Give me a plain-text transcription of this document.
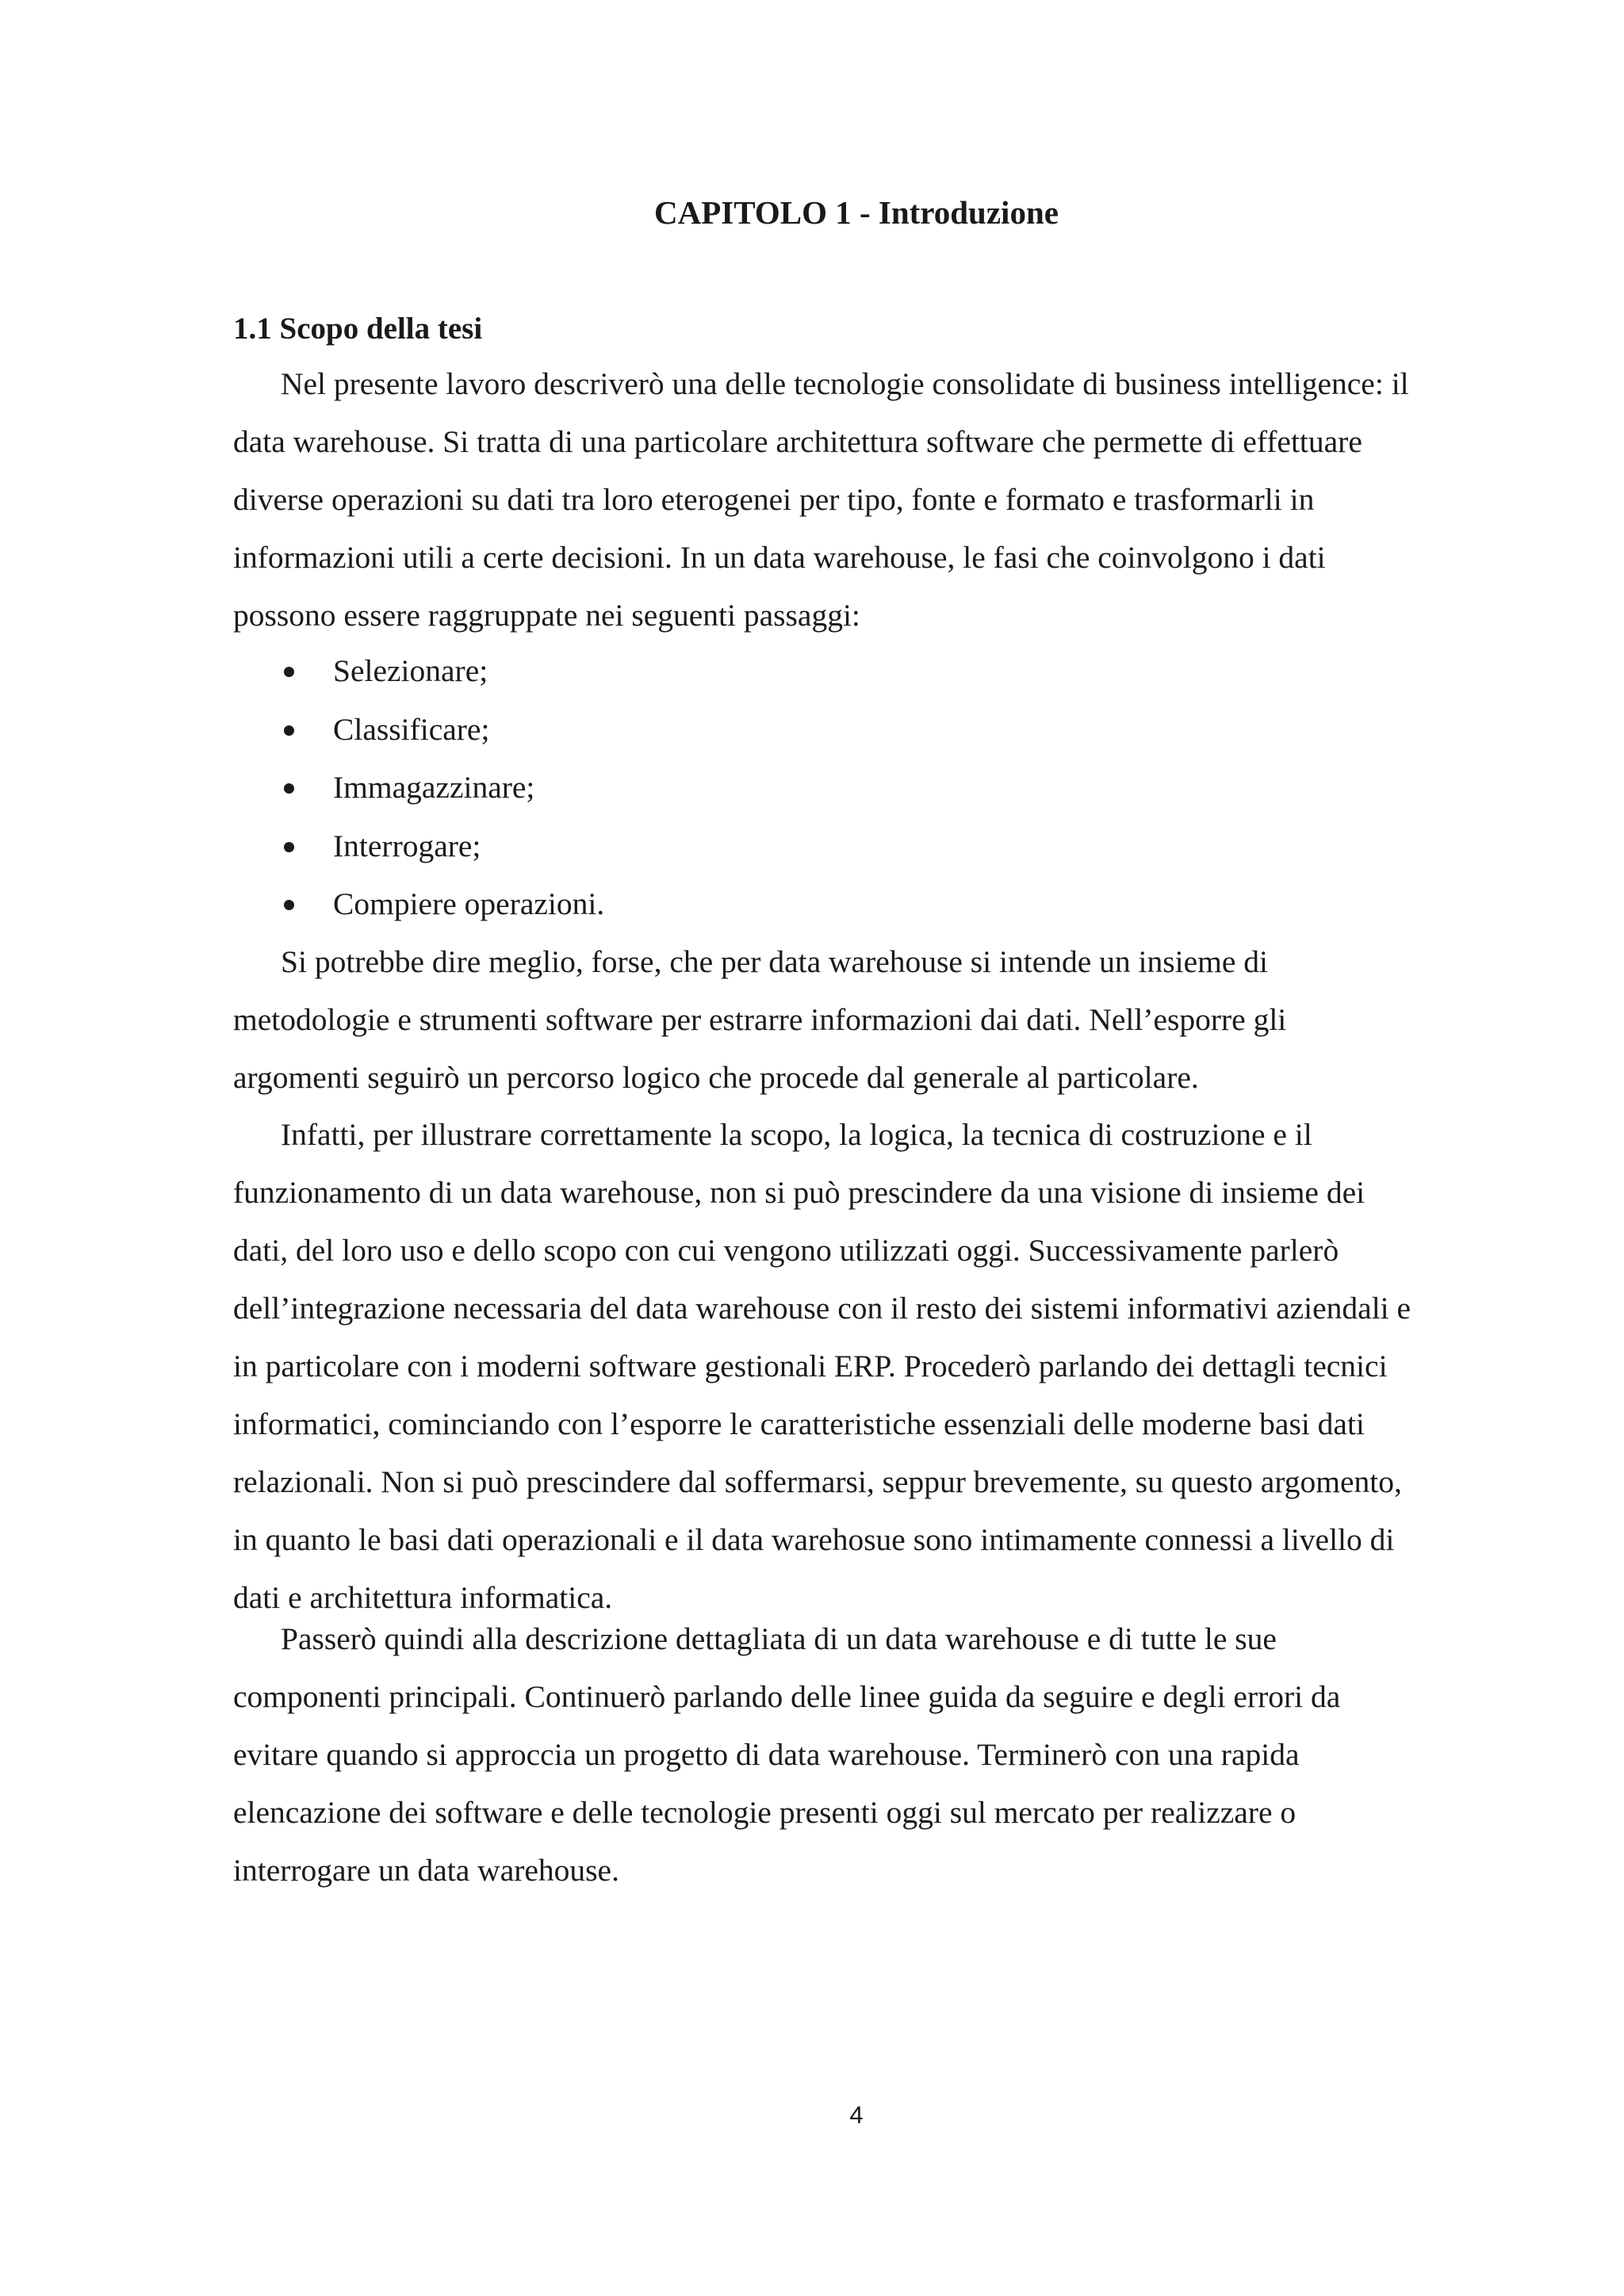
CAPITOLO 1 - Introduzione
1.1 Scopo della tesi

Nel presente lavoro descriverò una delle tecnologie consolidate di business intelligence: il
data warehouse. Si tratta di una particolare architettura software che permette di effettuare
diverse operazioni su dati tra loro eterogenei per tipo, fonte e formato e trasformarli in
informazioni utili a certe decisioni. In un data warehouse, le fasi che coinvolgono i dati
possono essere raggruppate nei seguenti passaggi:

Selezionare;
Classificare;
Immagazzinare;
Interrogare;
Compiere operazioni.

Si potrebbe dire meglio, forse, che per data warehouse si intende un insieme di
metodologie e strumenti software per estrarre informazioni dai dati. Nell’esporre gli
argomenti seguirò un percorso logico che procede dal generale al particolare.

Infatti, per illustrare correttamente la scopo, la logica, la tecnica di costruzione e il
funzionamento di un data warehouse, non si può prescindere da una visione di insieme dei
dati, del loro uso e dello scopo con cui vengono utilizzati oggi. Successivamente parlerò
dell’integrazione necessaria del data warehouse con il resto dei sistemi informativi aziendali e
in particolare con i moderni software gestionali ERP. Procederò parlando dei dettagli tecnici
informatici, cominciando con l’esporre le caratteristiche essenziali delle moderne basi dati
relazionali. Non si può prescindere dal soffermarsi, seppur brevemente, su questo argomento,
in quanto le basi dati operazionali e il data warehosue sono intimamente connessi a livello di
dati e architettura informatica.

Passerò quindi alla descrizione dettagliata di un data warehouse e di tutte le sue
componenti principali. Continuerò parlando delle linee guida da seguire e degli errori da
evitare quando si approccia un progetto di data warehouse. Terminerò con una rapida
elencazione dei software e delle tecnologie presenti oggi sul mercato per realizzare o
interrogare un data warehouse.

4
